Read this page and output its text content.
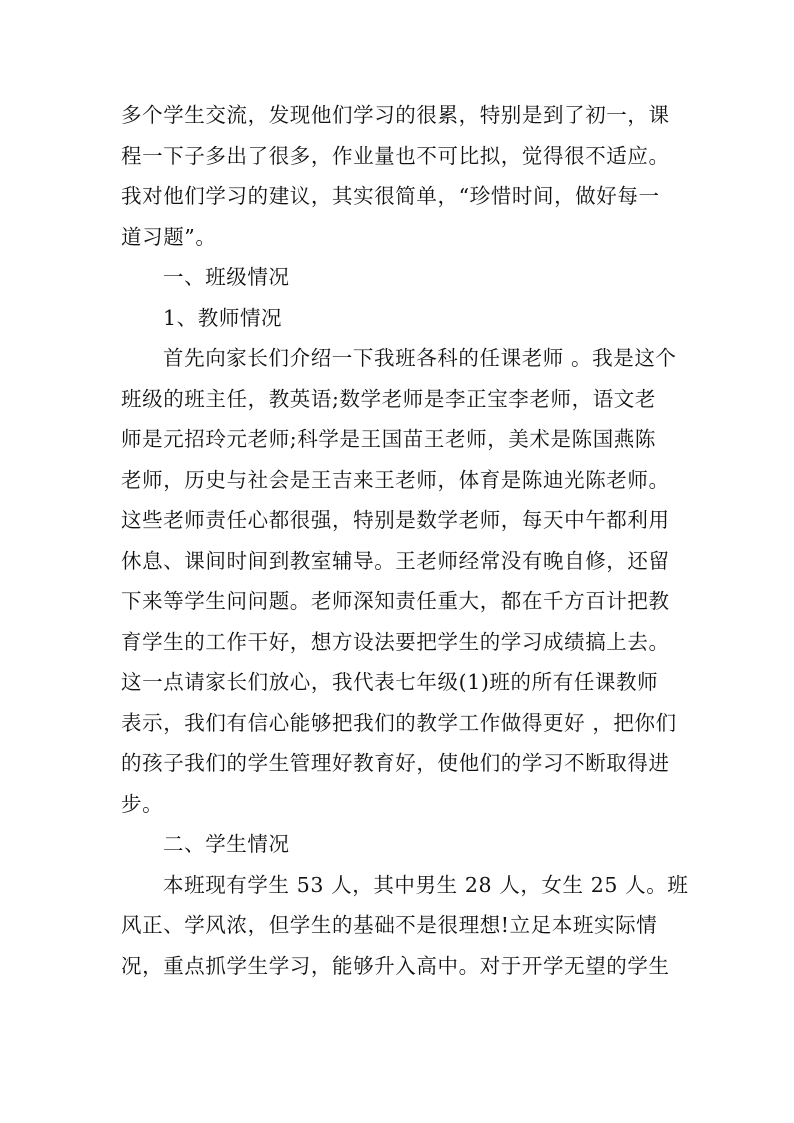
多个学生交流，发现他们学习的很累，特别是到了初一，课
程一下子多出了很多，作业量也不可比拟，觉得很不适应。
我对他们学习的建议，其实很简单，“珍惜时间，做好每一
道习题”。
一、班级情况
1、教师情况
首先向家长们介绍一下我班各科的任课老师 。我是这个
班级的班主任，教英语;数学老师是李正宝李老师，语文老
师是元招玲元老师;科学是王国苗王老师，美术是陈国燕陈
老师，历史与社会是王吉来王老师，体育是陈迪光陈老师。
这些老师责任心都很强，特别是数学老师，每天中午都利用
休息、课间时间到教室辅导。王老师经常没有晚自修，还留
下来等学生问问题。老师深知责任重大，都在千方百计把教
育学生的工作干好，想方设法要把学生的学习成绩搞上去。
这一点请家长们放心，我代表七年级(1)班的所有任课教师
表示，我们有信心能够把我们的教学工作做得更好 ，把你们
的孩子我们的学生管理好教育好，使他们的学习不断取得进
步。
二、学生情况
本班现有学生 53 人，其中男生 28 人，女生 25 人。班
风正、学风浓，但学生的基础不是很理想!立足本班实际情
况，重点抓学生学习，能够升入高中。对于开学无望的学生
